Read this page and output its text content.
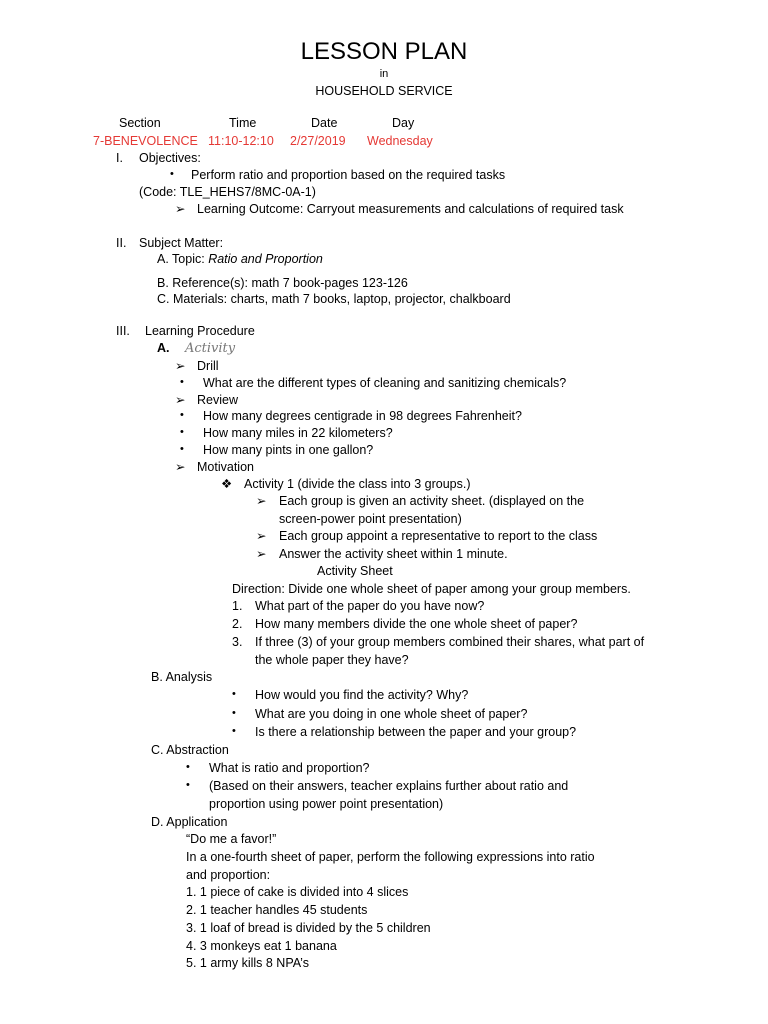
LESSON PLAN
in
HOUSEHOLD SERVICE
Section	Time	Date	Day
7-BENEVOLENCE 11:10-12:10 2/27/2019 Wednesday
I. Objectives:
• Perform ratio and proportion based on the required tasks
(Code: TLE_HEHS7/8MC-0A-1)
➢ Learning Outcome: Carryout measurements and calculations of required task
II. Subject Matter:
A. Topic: Ratio and Proportion
B. Reference(s): math 7 book-pages 123-126
C. Materials: charts, math 7 books, laptop, projector, chalkboard
III. Learning Procedure
A. Activity
➢ Drill
• What are the different types of cleaning and sanitizing chemicals?
➢ Review
• How many degrees centigrade in 98 degrees Fahrenheit?
• How many miles in 22 kilometers?
• How many pints in one gallon?
➢ Motivation
❖ Activity 1 (divide the class into 3 groups.)
➢ Each group is given an activity sheet. (displayed on the
screen-power point presentation)
➢ Each group appoint a representative to report to the class
➢ Answer the activity sheet within 1 minute.
Activity Sheet
Direction: Divide one whole sheet of paper among your group members.
1. What part of the paper do you have now?
2. How many members divide the one whole sheet of paper?
3. If three (3) of your group members combined their shares, what part of
the whole paper they have?
B. Analysis
• How would you find the activity? Why?
• What are you doing in one whole sheet of paper?
• Is there a relationship between the paper and your group?
C. Abstraction
• What is ratio and proportion?
• (Based on their answers, teacher explains further about ratio and
proportion using power point presentation)
D. Application
“Do me a favor!”
In a one-fourth sheet of paper, perform the following expressions into ratio
and proportion:
1. 1 piece of cake is divided into 4 slices
2. 1 teacher handles 45 students
3. 1 loaf of bread is divided by the 5 children
4. 3 monkeys eat 1 banana
5. 1 army kills 8 NPA’s
